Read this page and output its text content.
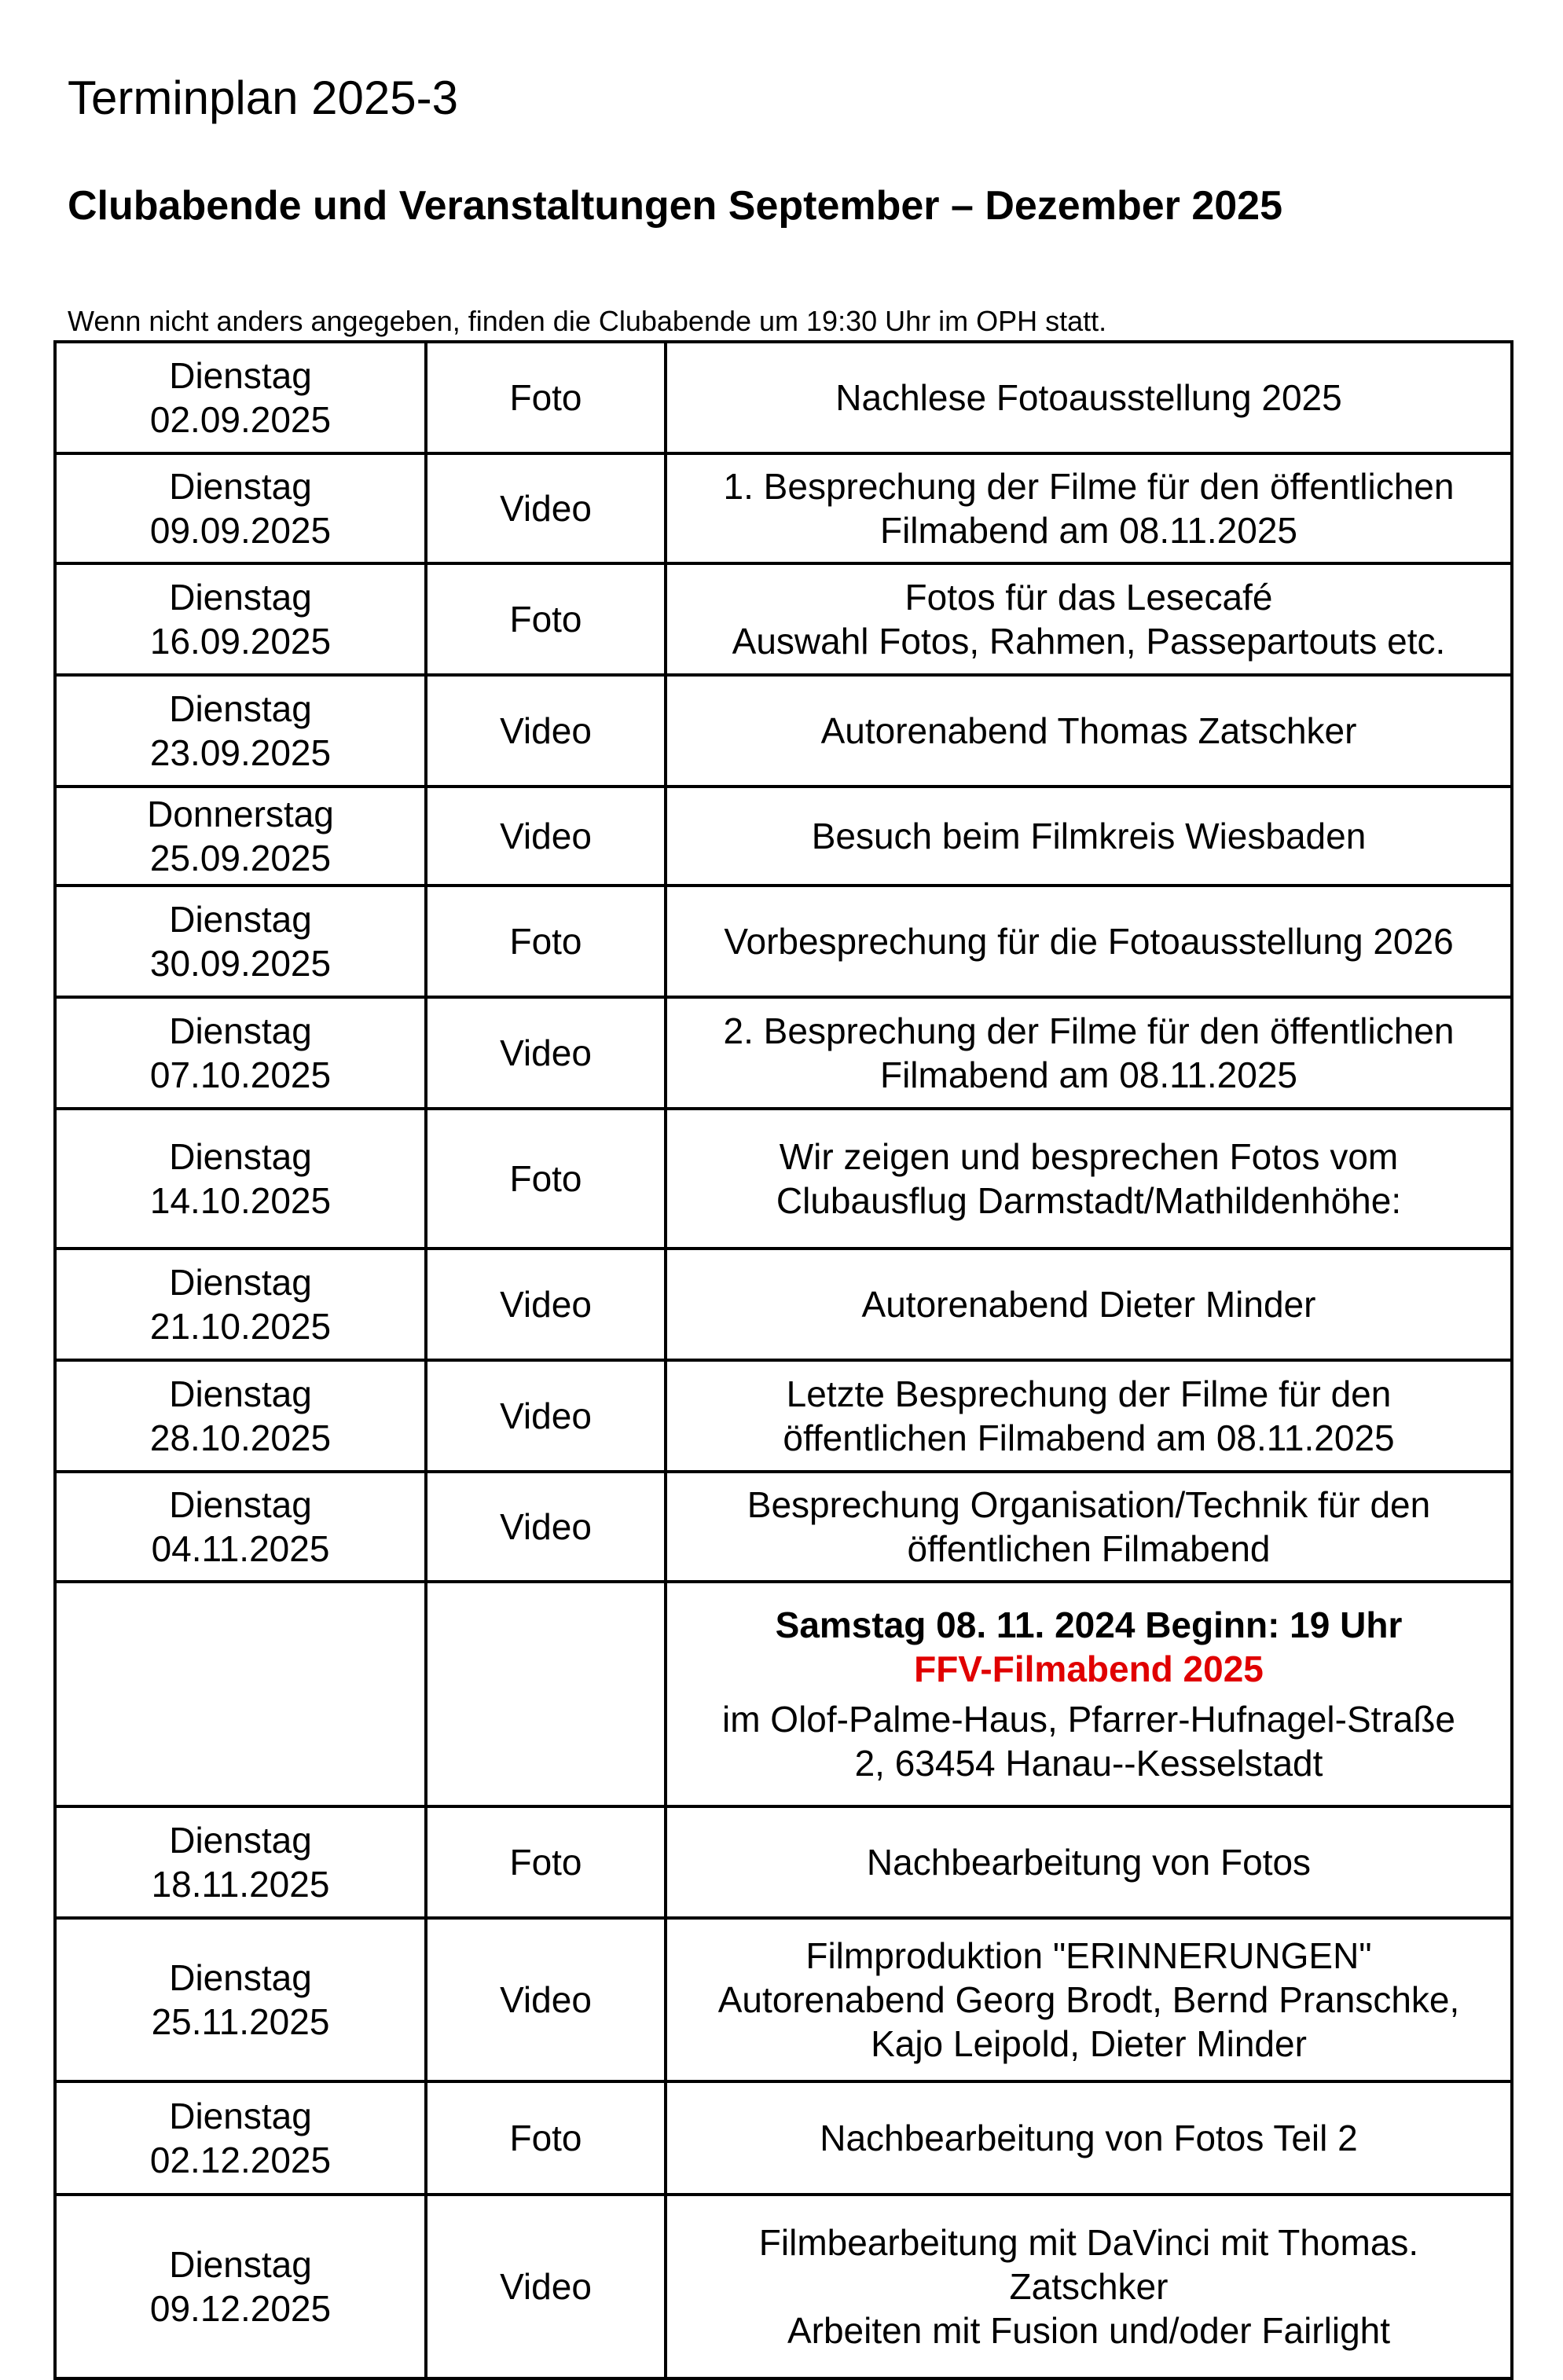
Terminplan 2025-3
Clubabende und Veranstaltungen September – Dezember 2025

Wenn nicht anders angegeben, finden die Clubabende um 19:30 Uhr im OPH statt.

Dienstag
02.09.2025	Foto	Nachlese Fotoausstellung 2025

Dienstag
09.09.2025	Video	1. Besprechung der Filme für den öffentlichen
Filmabend am 08.11.2025

Dienstag
16.09.2025	Foto	Fotos für das Lesecafé
Auswahl Fotos, Rahmen, Passepartouts etc.

Dienstag
23.09.2025	Video	Autorenabend Thomas Zatschker

Donnerstag
25.09.2025	Video	Besuch beim Filmkreis Wiesbaden

Dienstag
30.09.2025	Foto	Vorbesprechung für die Fotoausstellung 2026

Dienstag
07.10.2025	Video	2. Besprechung der Filme für den öffentlichen
Filmabend am 08.11.2025

Dienstag
14.10.2025	Foto	Wir zeigen und besprechen Fotos vom
Clubausflug Darmstadt/Mathildenhöhe:

Dienstag
21.10.2025	Video	Autorenabend Dieter Minder

Dienstag
28.10.2025	Video	Letzte Besprechung der Filme für den
öffentlichen Filmabend am 08.11.2025

Dienstag
04.11.2025	Video	Besprechung Organisation/Technik für den
öffentlichen Filmabend

		Samstag 08. 11. 2024 Beginn: 19 Uhr
FFV-Filmabend 2025
im Olof-Palme-Haus, Pfarrer-Hufnagel-Straße
2, 63454 Hanau--Kesselstadt

Dienstag
18.11.2025	Foto	Nachbearbeitung von Fotos

Dienstag
25.11.2025	Video	Filmproduktion "ERINNERUNGEN"
Autorenabend Georg Brodt, Bernd Pranschke,
Kajo Leipold, Dieter Minder

Dienstag
02.12.2025	Foto	Nachbearbeitung von Fotos Teil 2

Dienstag
09.12.2025	Video	Filmbearbeitung mit DaVinci mit Thomas.
Zatschker
Arbeiten mit Fusion und/oder Fairlight
